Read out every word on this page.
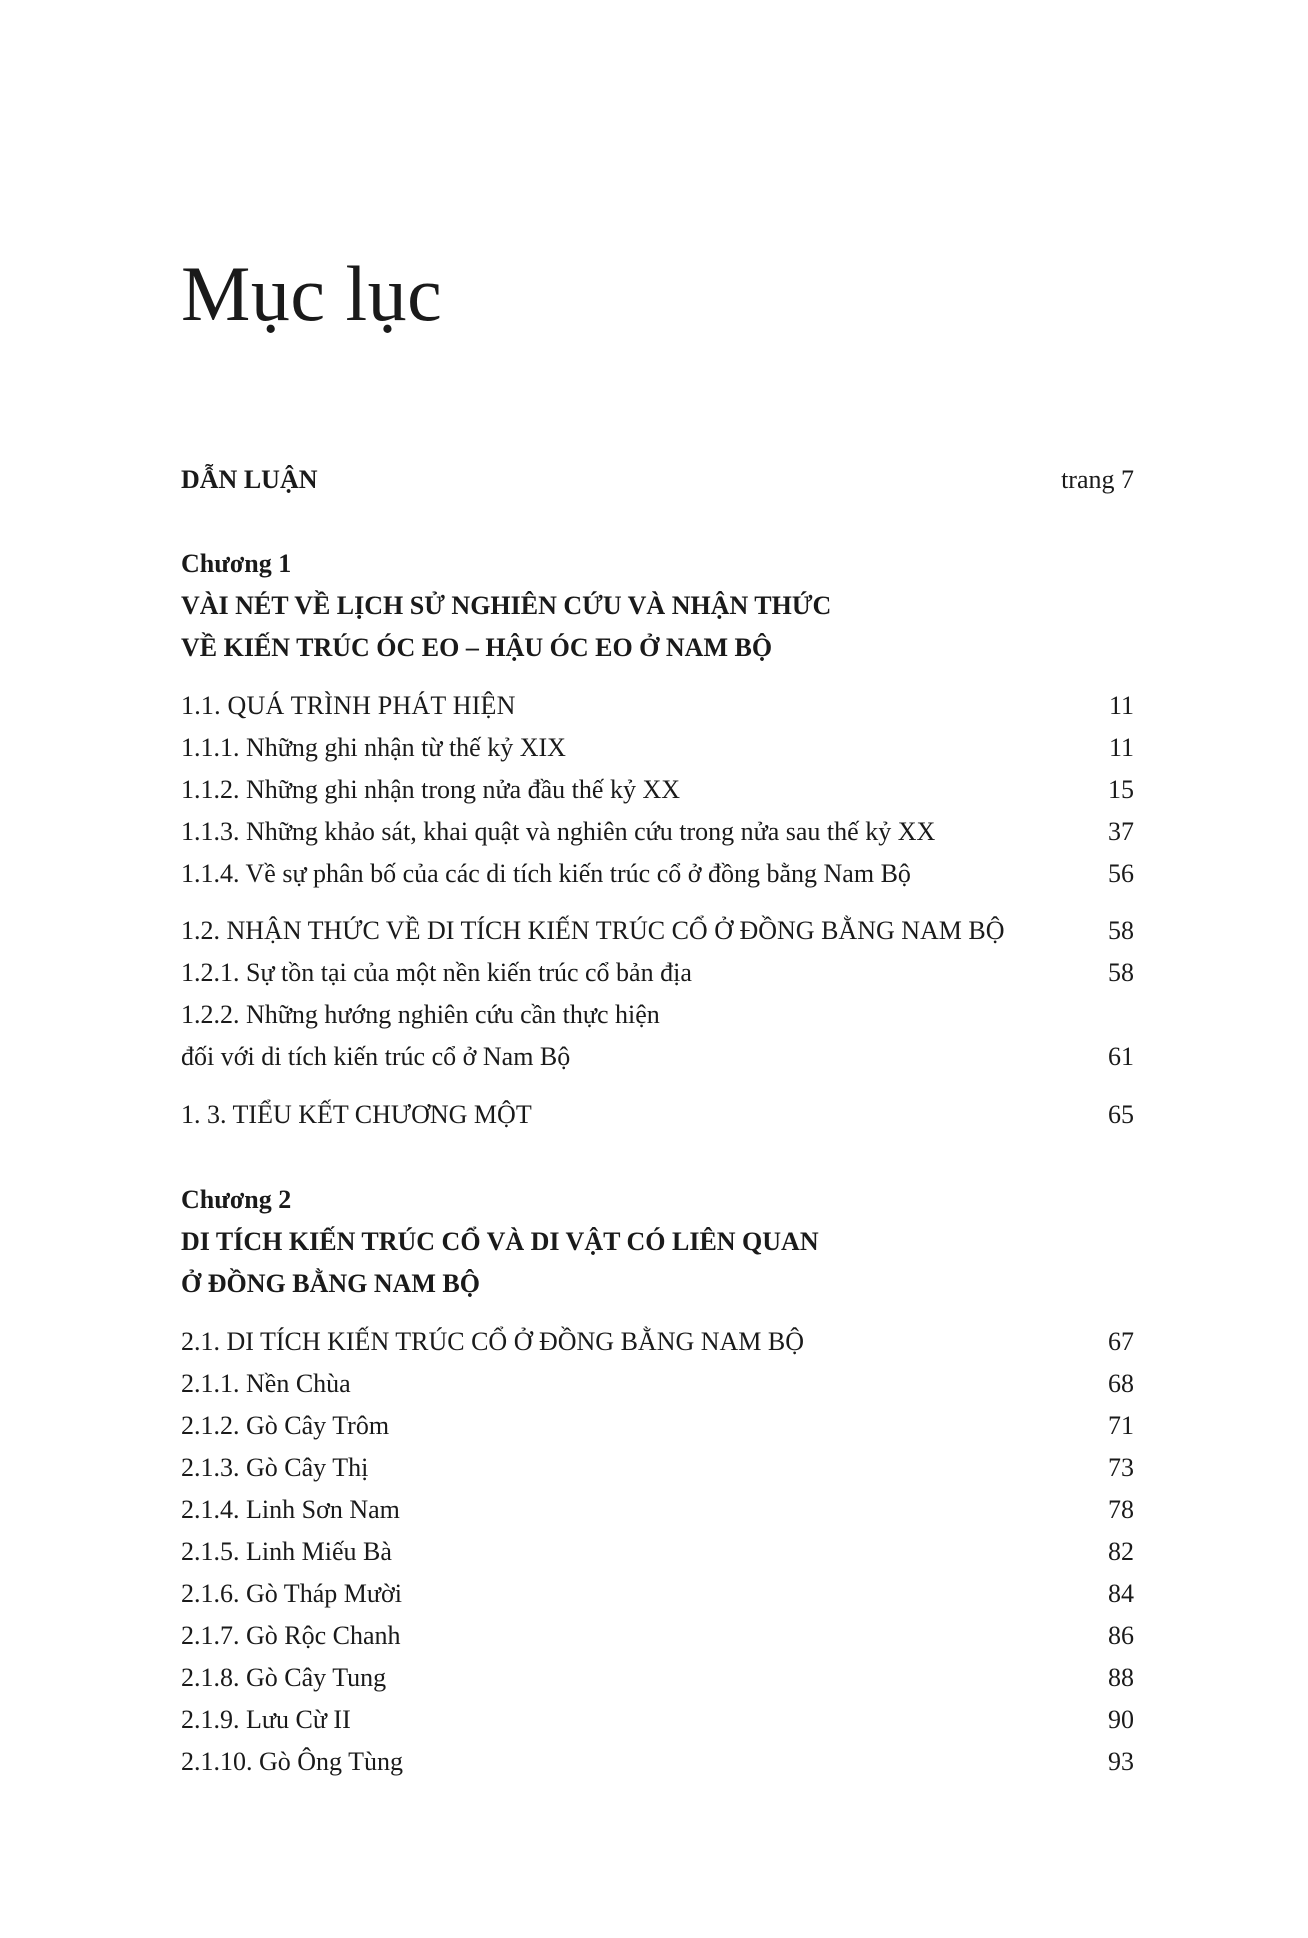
Mục lục
DẪN LUẬN	trang 7
Chương 1
VÀI NÉT VỀ LỊCH SỬ NGHIÊN CỨU VÀ NHẬN THỨC
VỀ KIẾN TRÚC ÓC EO – HẬU ÓC EO Ở NAM BỘ
1.1. QUÁ TRÌNH PHÁT HIỆN	11
1.1.1. Những ghi nhận từ thế kỷ XIX	11
1.1.2. Những ghi nhận trong nửa đầu thế kỷ XX	15
1.1.3. Những khảo sát, khai quật và nghiên cứu trong nửa sau thế kỷ XX	37
1.1.4. Về sự phân bố của các di tích kiến trúc cổ ở đồng bằng Nam Bộ	56
1.2. NHẬN THỨC VỀ DI TÍCH KIẾN TRÚC CỔ Ở ĐỒNG BẰNG NAM BỘ	58
1.2.1. Sự tồn tại của một nền kiến trúc cổ bản địa	58
1.2.2. Những hướng nghiên cứu cần thực hiện
đối với di tích kiến trúc cổ ở Nam Bộ	61
1. 3. TIỂU KẾT CHƯƠNG MỘT	65
Chương 2
DI TÍCH KIẾN TRÚC CỔ VÀ DI VẬT CÓ LIÊN QUAN
Ở ĐỒNG BẰNG NAM BỘ
2.1. DI TÍCH KIẾN TRÚC CỔ Ở ĐỒNG BẰNG NAM BỘ	67
2.1.1. Nền Chùa	68
2.1.2. Gò Cây Trôm	71
2.1.3. Gò Cây Thị	73
2.1.4. Linh Sơn Nam	78
2.1.5. Linh Miếu Bà	82
2.1.6. Gò Tháp Mười	84
2.1.7. Gò Rộc Chanh	86
2.1.8. Gò Cây Tung	88
2.1.9. Lưu Cừ II	90
2.1.10. Gò Ông Tùng	93
